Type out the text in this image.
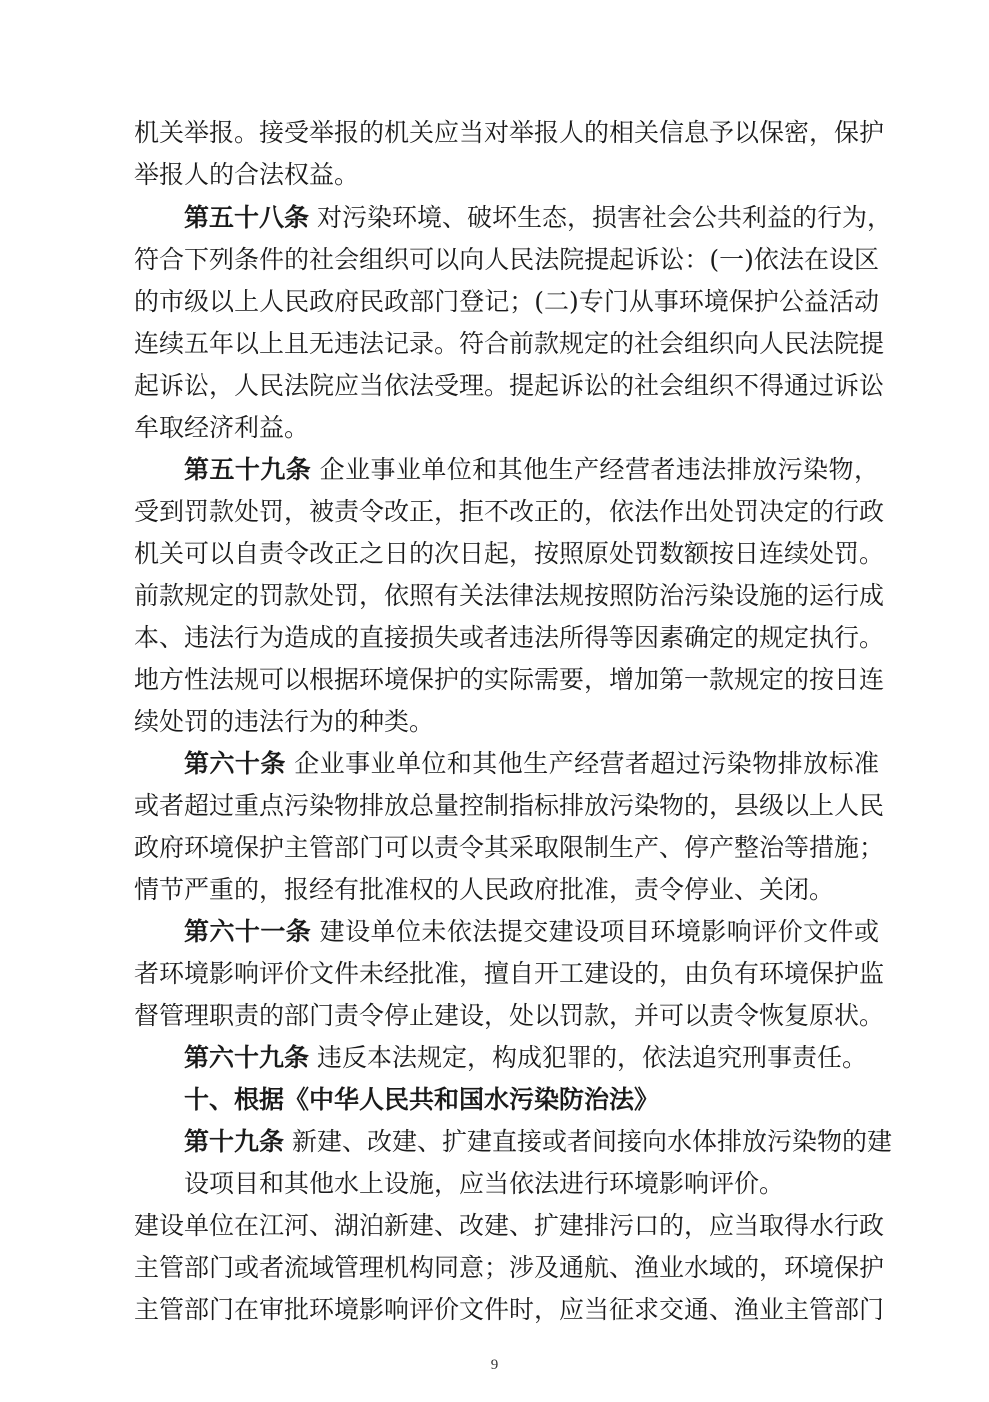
机关举报。接受举报的机关应当对举报人的相关信息予以保密，保护
举报人的合法权益。
第五十八条 对污染环境、破坏生态，损害社会公共利益的行为，
符合下列条件的社会组织可以向人民法院提起诉讼：(一)依法在设区
的市级以上人民政府民政部门登记；(二)专门从事环境保护公益活动
连续五年以上且无违法记录。符合前款规定的社会组织向人民法院提
起诉讼，人民法院应当依法受理。提起诉讼的社会组织不得通过诉讼
牟取经济利益。
第五十九条 企业事业单位和其他生产经营者违法排放污染物，
受到罚款处罚，被责令改正，拒不改正的，依法作出处罚决定的行政
机关可以自责令改正之日的次日起，按照原处罚数额按日连续处罚。
前款规定的罚款处罚，依照有关法律法规按照防治污染设施的运行成
本、违法行为造成的直接损失或者违法所得等因素确定的规定执行。
地方性法规可以根据环境保护的实际需要，增加第一款规定的按日连
续处罚的违法行为的种类。
第六十条 企业事业单位和其他生产经营者超过污染物排放标准
或者超过重点污染物排放总量控制指标排放污染物的，县级以上人民
政府环境保护主管部门可以责令其采取限制生产、停产整治等措施；
情节严重的，报经有批准权的人民政府批准，责令停业、关闭。
第六十一条 建设单位未依法提交建设项目环境影响评价文件或
者环境影响评价文件未经批准，擅自开工建设的，由负有环境保护监
督管理职责的部门责令停止建设，处以罚款，并可以责令恢复原状。
第六十九条 违反本法规定，构成犯罪的，依法追究刑事责任。
十、根据《中华人民共和国水污染防治法》
第十九条 新建、改建、扩建直接或者间接向水体排放污染物的建
设项目和其他水上设施，应当依法进行环境影响评价。
建设单位在江河、湖泊新建、改建、扩建排污口的，应当取得水行政
主管部门或者流域管理机构同意；涉及通航、渔业水域的，环境保护
主管部门在审批环境影响评价文件时，应当征求交通、渔业主管部门
9
